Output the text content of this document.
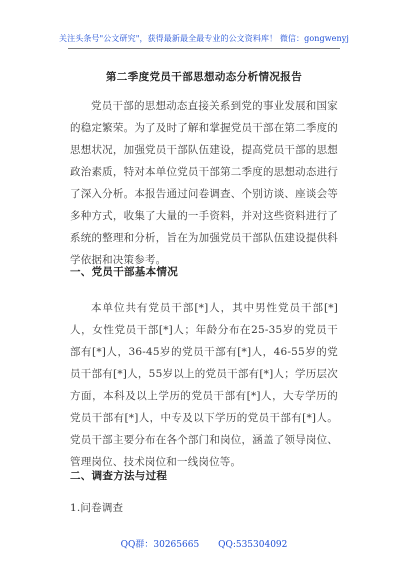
关注头条号"公文研究"，获得最新最全最专业的公文资料库！ 微信：gongwenyj
第二季度党员干部思想动态分析情况报告
党员干部的思想动态直接关系到党的事业发展和国家的稳定繁荣。为了及时了解和掌握党员干部在第二季度的思想状况，加强党员干部队伍建设，提高党员干部的思想政治素质，特对本单位党员干部第二季度的思想动态进行了深入分析。本报告通过问卷调查、个别访谈、座谈会等多种方式，收集了大量的一手资料，并对这些资料进行了系统的整理和分析，旨在为加强党员干部队伍建设提供科学依据和决策参考。
一、党员干部基本情况
本单位共有党员干部[*]人，其中男性党员干部[*]人，女性党员干部[*]人；年龄分布在25-35岁的党员干部有[*]人，36-45岁的党员干部有[*]人，46-55岁的党员干部有[*]人，55岁以上的党员干部有[*]人；学历层次方面，本科及以上学历的党员干部有[*]人，大专学历的党员干部有[*]人，中专及以下学历的党员干部有[*]人。党员干部主要分布在各个部门和岗位，涵盖了领导岗位、管理岗位、技术岗位和一线岗位等。
二、调查方法与过程
1.问卷调查
QQ群：30265665 QQ:535304092
